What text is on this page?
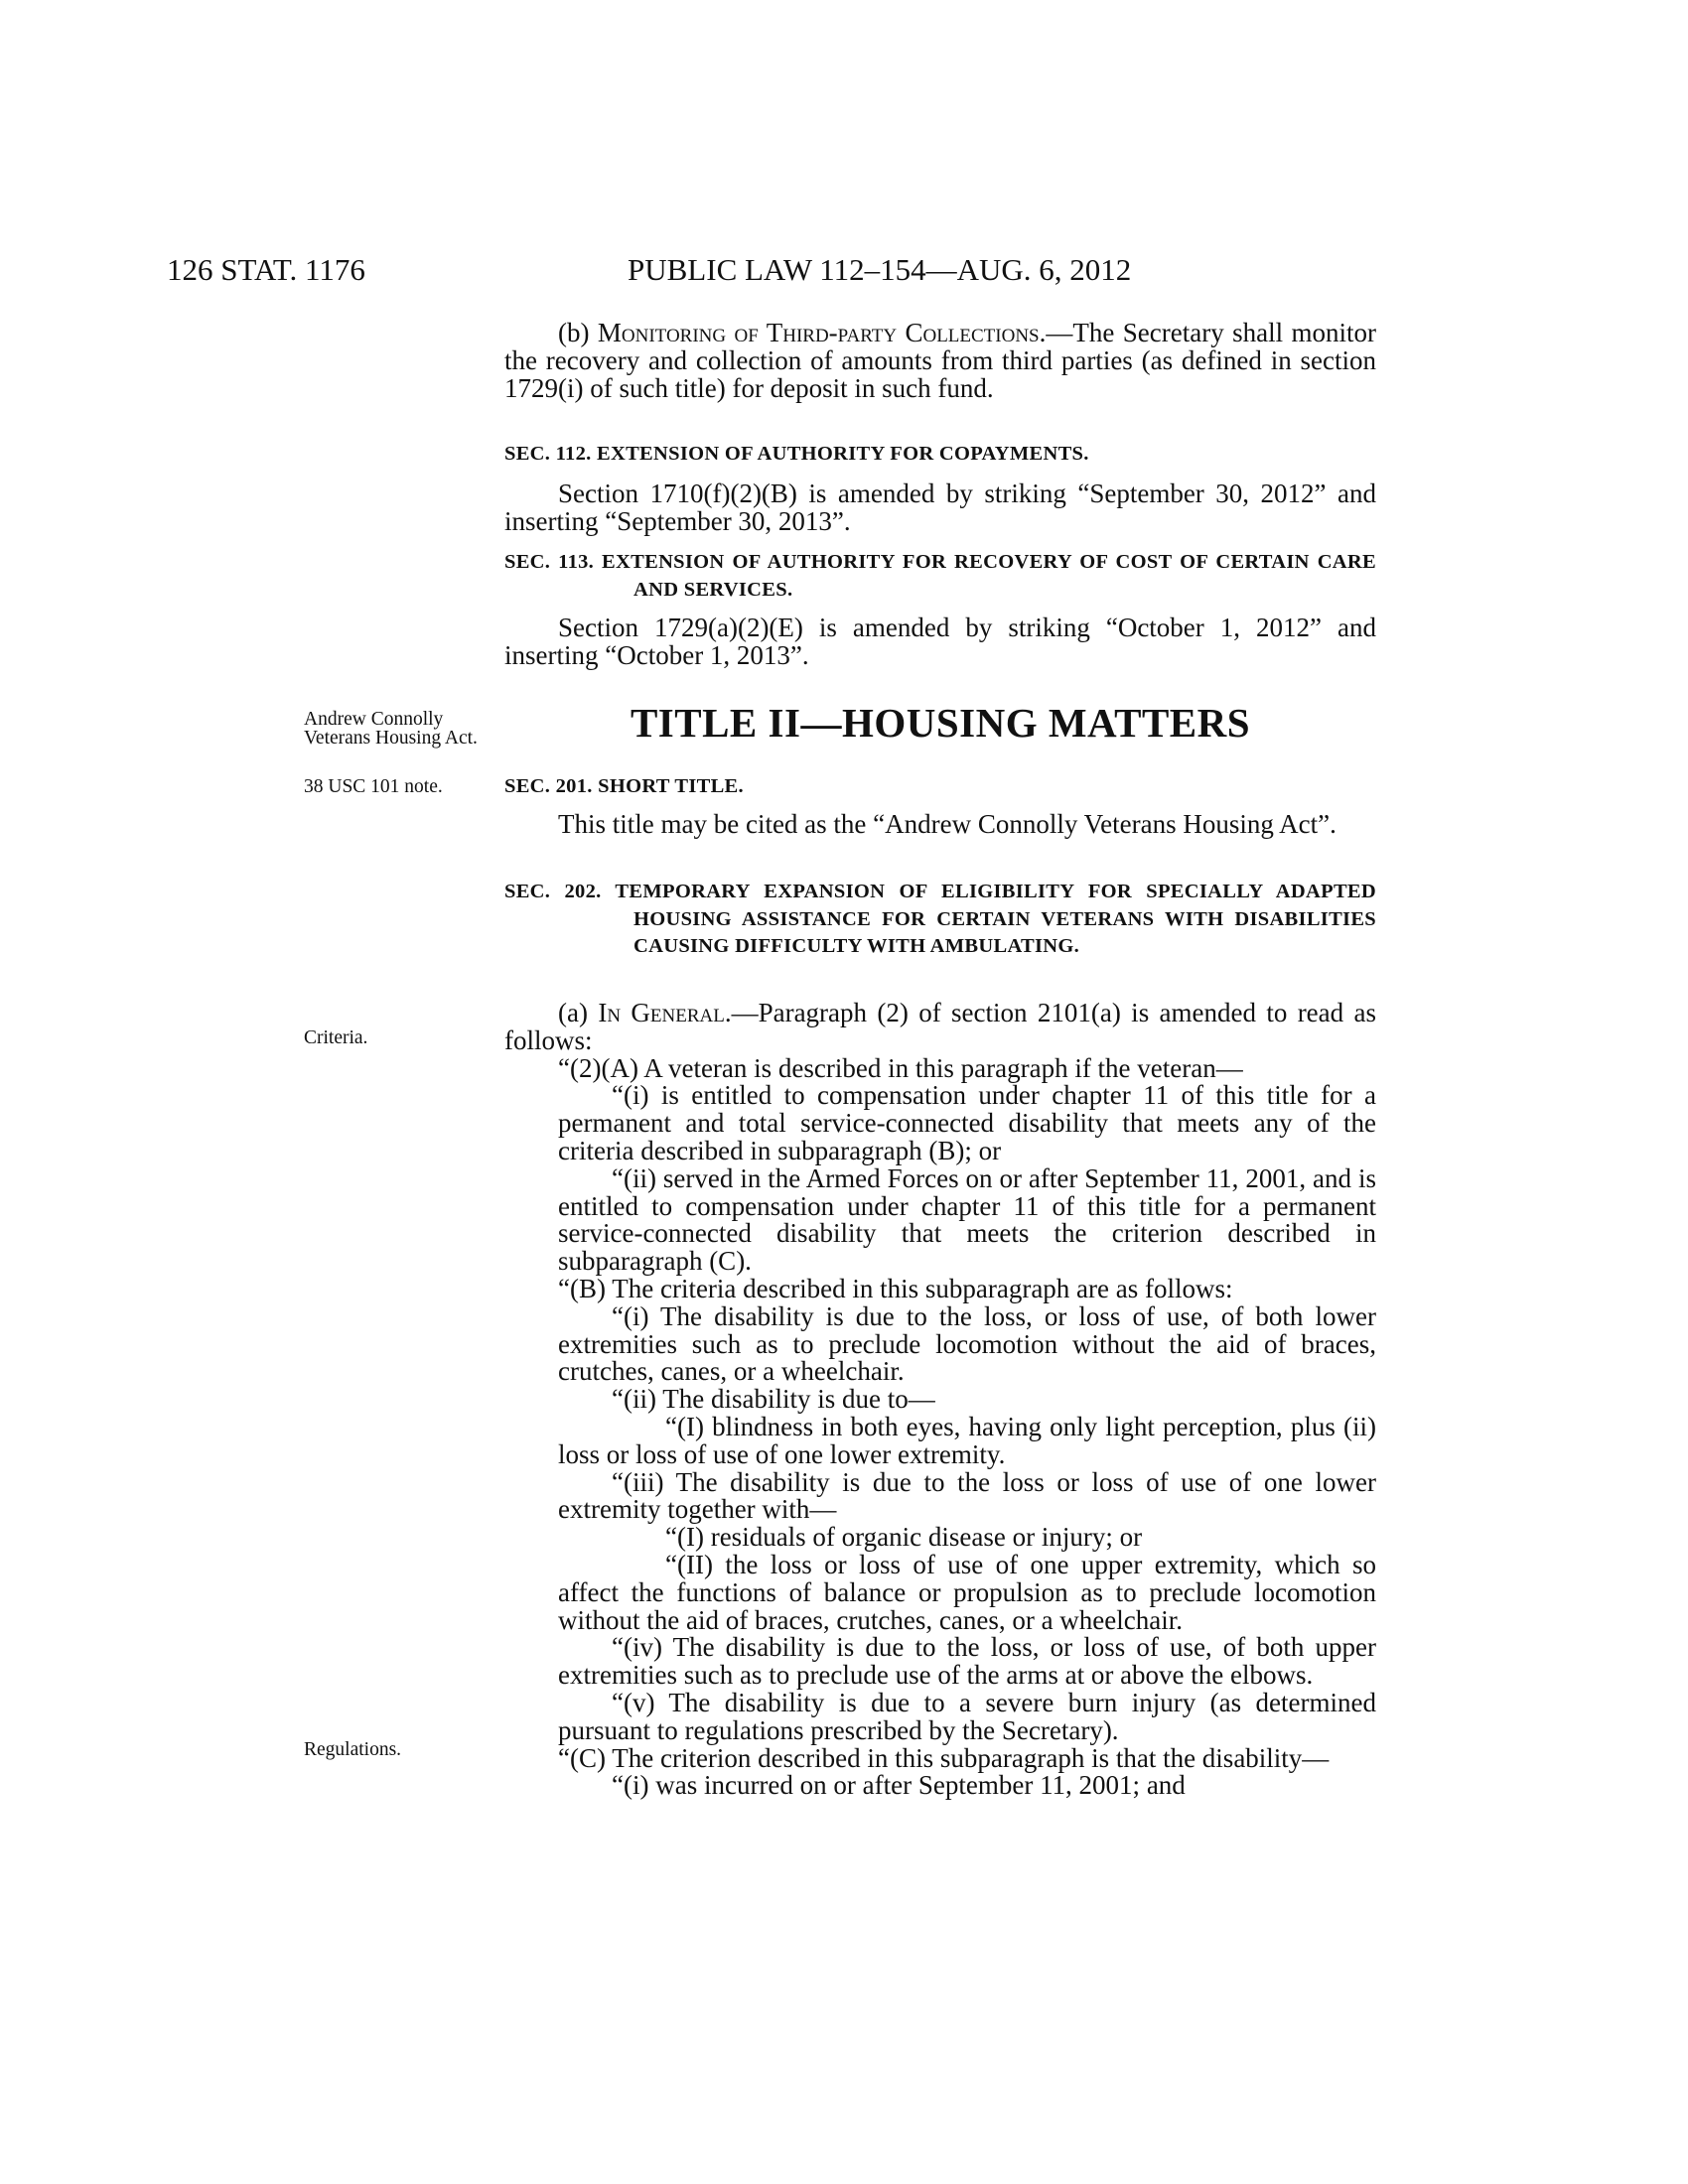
126 STAT. 1176	PUBLIC LAW 112–154—AUG. 6, 2012
Andrew Connolly Veterans Housing Act.
38 USC 101 note.
Criteria.
Regulations.

(b) Monitoring of Third-party Collections.—The Secretary shall monitor the recovery and collection of amounts from third parties (as defined in section 1729(i) of such title) for deposit in such fund.

SEC. 112. EXTENSION OF AUTHORITY FOR COPAYMENTS.

Section 1710(f)(2)(B) is amended by striking “September 30, 2012” and inserting “September 30, 2013”.

SEC. 113. EXTENSION OF AUTHORITY FOR RECOVERY OF COST OF CERTAIN CARE AND SERVICES.

Section 1729(a)(2)(E) is amended by striking “October 1, 2012” and inserting “October 1, 2013”.

TITLE II—HOUSING MATTERS

SEC. 201. SHORT TITLE.

This title may be cited as the “Andrew Connolly Veterans Housing Act”.

SEC. 202. TEMPORARY EXPANSION OF ELIGIBILITY FOR SPECIALLY ADAPTED HOUSING ASSISTANCE FOR CERTAIN VETERANS WITH DISABILITIES CAUSING DIFFICULTY WITH AMBULATING.

(a) In General.—Paragraph (2) of section 2101(a) is amended to read as follows:

“(2)(A) A veteran is described in this paragraph if the veteran—

“(i) is entitled to compensation under chapter 11 of this title for a permanent and total service-connected disability that meets any of the criteria described in subparagraph (B); or

“(ii) served in the Armed Forces on or after September 11, 2001, and is entitled to compensation under chapter 11 of this title for a permanent service-connected disability that meets the criterion described in subparagraph (C).

“(B) The criteria described in this subparagraph are as follows:

“(i) The disability is due to the loss, or loss of use, of both lower extremities such as to preclude locomotion without the aid of braces, crutches, canes, or a wheelchair.

“(ii) The disability is due to—

“(I) blindness in both eyes, having only light perception, plus (ii) loss or loss of use of one lower extremity.

“(iii) The disability is due to the loss or loss of use of one lower extremity together with—

“(I) residuals of organic disease or injury; or

“(II) the loss or loss of use of one upper extremity, which so affect the functions of balance or propulsion as to preclude locomotion without the aid of braces, crutches, canes, or a wheelchair.

“(iv) The disability is due to the loss, or loss of use, of both upper extremities such as to preclude use of the arms at or above the elbows.

“(v) The disability is due to a severe burn injury (as determined pursuant to regulations prescribed by the Secretary).

“(C) The criterion described in this subparagraph is that the disability—

“(i) was incurred on or after September 11, 2001; and
